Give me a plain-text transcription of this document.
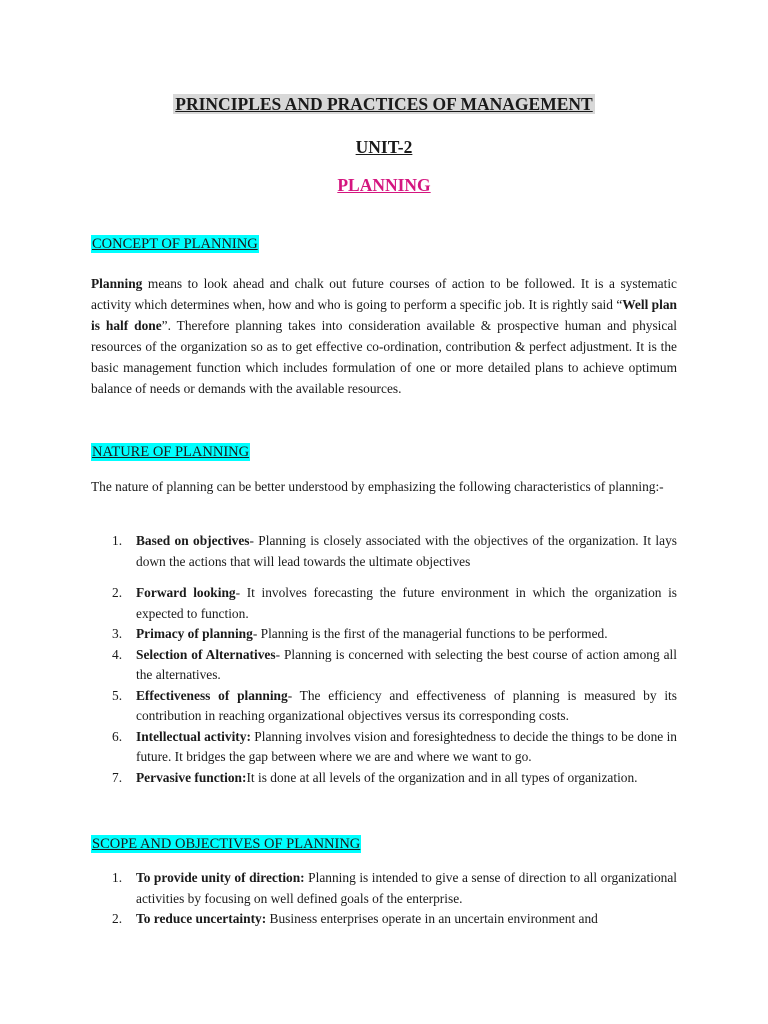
PRINCIPLES AND PRACTICES OF MANAGEMENT
UNIT-2
PLANNING
CONCEPT OF PLANNING
Planning means to look ahead and chalk out future courses of action to be followed. It is a systematic activity which determines when, how and who is going to perform a specific job. It is rightly said “Well plan is half done”. Therefore planning takes into consideration available & prospective human and physical resources of the organization so as to get effective co-ordination, contribution & perfect adjustment. It is the basic management function which includes formulation of one or more detailed plans to achieve optimum balance of needs or demands with the available resources.
NATURE OF PLANNING
The nature of planning can be better understood by emphasizing the following characteristics of planning:-
1. Based on objectives- Planning is closely associated with the objectives of the organization. It lays down the actions that will lead towards the ultimate objectives
2. Forward looking- It involves forecasting the future environment in which the organization is expected to function.
3. Primacy of planning- Planning is the first of the managerial functions to be performed.
4. Selection of Alternatives- Planning is concerned with selecting the best course of action among all the alternatives.
5. Effectiveness of planning- The efficiency and effectiveness of planning is measured by its contribution in reaching organizational objectives versus its corresponding costs.
6. Intellectual activity: Planning involves vision and foresightedness to decide the things to be done in future. It bridges the gap between where we are and where we want to go.
7. Pervasive function:It is done at all levels of the organization and in all types of organization.
SCOPE AND OBJECTIVES OF PLANNING
1. To provide unity of direction: Planning is intended to give a sense of direction to all organizational activities by focusing on well defined goals of the enterprise.
2. To reduce uncertainty: Business enterprises operate in an uncertain environment and
